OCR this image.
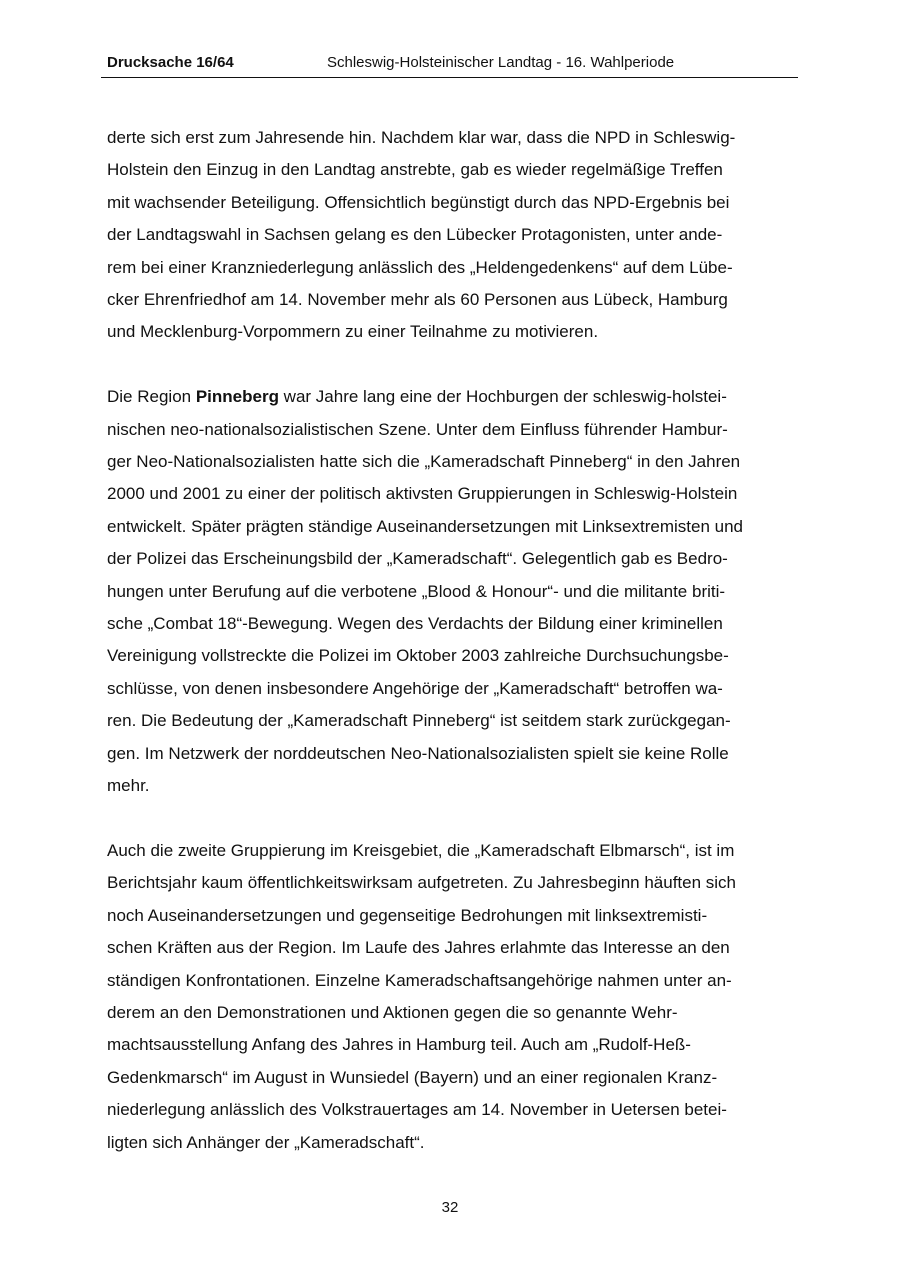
Drucksache 16/64	Schleswig-Holsteinischer Landtag - 16. Wahlperiode
derte sich erst zum Jahresende hin. Nachdem klar war, dass die NPD in Schleswig-
Holstein den Einzug in den Landtag anstrebte, gab es wieder regelmäßige Treffen
mit wachsender Beteiligung. Offensichtlich begünstigt durch das NPD-Ergebnis bei
der Landtagswahl in Sachsen gelang es den Lübecker Protagonisten, unter ande-
rem bei einer Kranzniederlegung anlässlich des „Heldengedenkens“ auf dem Lübe-
cker Ehrenfriedhof am 14. November mehr als 60 Personen aus Lübeck, Hamburg
und Mecklenburg-Vorpommern zu einer Teilnahme zu motivieren.
Die Region Pinneberg war Jahre lang eine der Hochburgen der schleswig-holstei-
nischen neo-nationalsozialistischen Szene. Unter dem Einfluss führender Hambur-
ger Neo-Nationalsozialisten hatte sich die „Kameradschaft Pinneberg“ in den Jahren
2000 und 2001 zu einer der politisch aktivsten Gruppierungen in Schleswig-Holstein
entwickelt. Später prägten ständige Auseinandersetzungen mit Linksextremisten und
der Polizei das Erscheinungsbild der „Kameradschaft“. Gelegentlich gab es Bedro-
hungen unter Berufung auf die verbotene „Blood & Honour“- und die militante briti-
sche „Combat 18“-Bewegung. Wegen des Verdachts der Bildung einer kriminellen
Vereinigung vollstreckte die Polizei im Oktober 2003 zahlreiche Durchsuchungsbe-
schlüsse, von denen insbesondere Angehörige der „Kameradschaft“ betroffen wa-
ren. Die Bedeutung der „Kameradschaft Pinneberg“ ist seitdem stark zurückgegan-
gen. Im Netzwerk der norddeutschen Neo-Nationalsozialisten spielt sie keine Rolle
mehr.
Auch die zweite Gruppierung im Kreisgebiet, die „Kameradschaft Elbmarsch“, ist im
Berichtsjahr kaum öffentlichkeitswirksam aufgetreten. Zu Jahresbeginn häuften sich
noch Auseinandersetzungen und gegenseitige Bedrohungen mit linksextremisti-
schen Kräften aus der Region. Im Laufe des Jahres erlahmte das Interesse an den
ständigen Konfrontationen. Einzelne Kameradschaftsangehörige nahmen unter an-
derem an den Demonstrationen und Aktionen gegen die so genannte Wehr-
machtsausstellung Anfang des Jahres in Hamburg teil. Auch am „Rudolf-Heß-
Gedenkmarsch“ im August in Wunsiedel (Bayern) und an einer regionalen Kranz-
niederlegung anlässlich des Volkstrauertages am 14. November in Uetersen betei-
ligten sich Anhänger der „Kameradschaft“.
32
